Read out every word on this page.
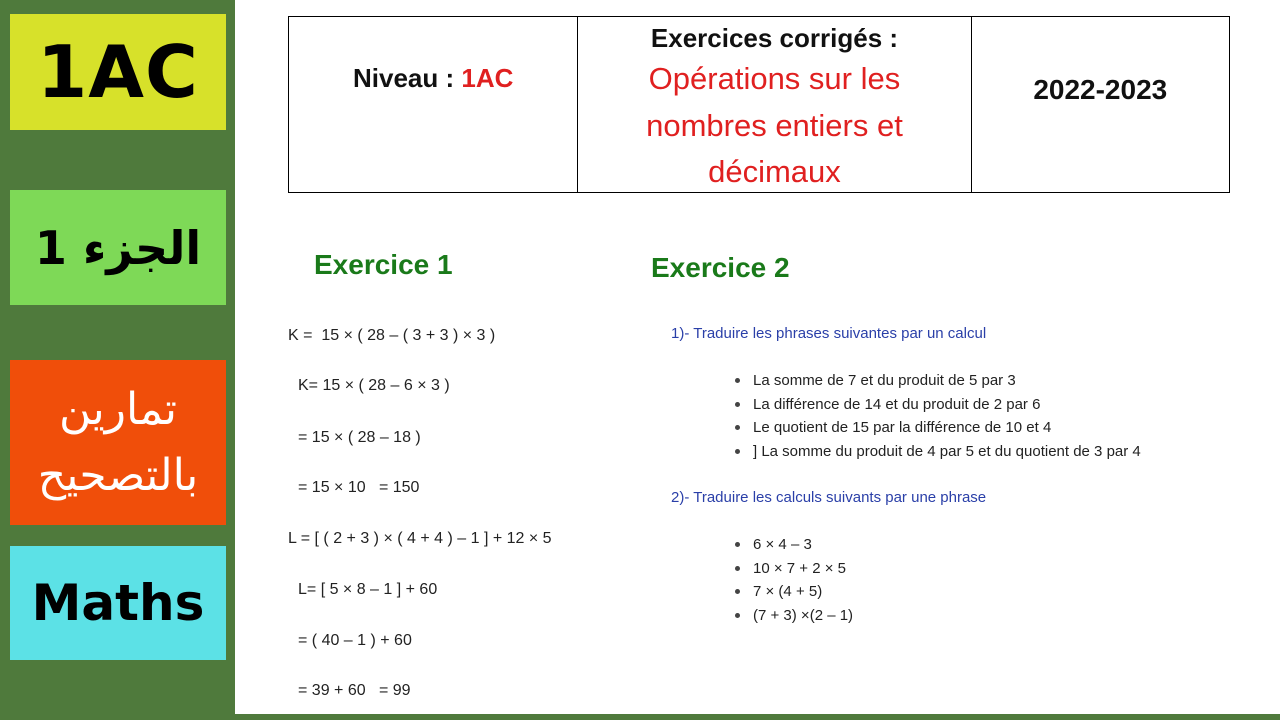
1AC
الجزء 1
تمارين
بالتصحيح
Maths
Niveau : 1AC
Exercices corrigés :
Opérations sur les
nombres entiers et
décimaux
2022-2023
Exercice 1
K =  15 × ( 28 – ( 3 + 3 ) × 3 )
K= 15 × ( 28 – 6 × 3 )
= 15 × ( 28 – 18 )
= 15 × 10   = 150
L = [ ( 2 + 3 ) × ( 4 + 4 ) – 1 ] + 12 × 5
L= [ 5 × 8 – 1 ] + 60
= ( 40 – 1 ) + 60
= 39 + 60   = 99
Exercice 2
1)- Traduire les phrases suivantes par un calcul
La somme de 7 et du produit de 5 par 3
La différence de 14 et du produit de 2 par 6
Le quotient de 15 par la différence de 10 et 4
] La somme du produit de 4 par 5 et du quotient de 3 par 4
2)- Traduire les calculs suivants par une phrase
6 × 4 – 3
10 × 7 + 2 × 5
7 × (4 + 5)
(7 + 3) ×(2 – 1)
